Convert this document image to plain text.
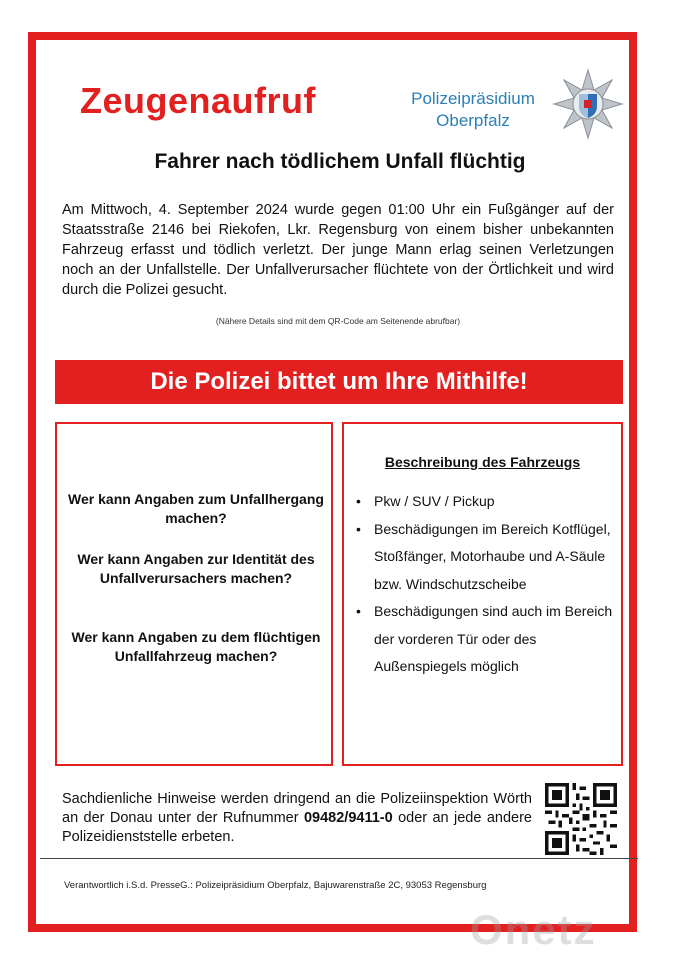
Zeugenaufruf	Polizeipräsidium
Oberpfalz
Fahrer nach tödlichem Unfall flüchtig
Am Mittwoch, 4. September 2024 wurde gegen 01:00 Uhr ein Fußgänger auf der Staatsstraße 2146 bei Riekofen, Lkr. Regensburg von einem bisher unbekannten Fahrzeug erfasst und tödlich verletzt. Der junge Mann erlag seinen Verletzungen noch an der Unfallstelle. Der Unfallverursacher flüchtete von der Örtlichkeit und wird durch die Polizei gesucht.
(Nähere Details sind mit dem QR-Code am Seitenende abrufbar)
Die Polizei bittet um Ihre Mithilfe!
Wer kann Angaben zum Unfallhergang machen?
Wer kann Angaben zur Identität des Unfallverursachers machen?
Wer kann Angaben zu dem flüchtigen Unfallfahrzeug machen?
Beschreibung des Fahrzeugs
• Pkw / SUV / Pickup
• Beschädigungen im Bereich Kotflügel, Stoßfänger, Motorhaube und A-Säule bzw. Windschutzscheibe
• Beschädigungen sind auch im Bereich der vorderen Tür oder des Außenspiegels möglich
Sachdienliche Hinweise werden dringend an die Polizeiinspektion Wörth an der Donau unter der Rufnummer 09482/9411-0 oder an jede andere Polizeidienststelle erbeten.
Verantwortlich i.S.d. PresseG.: Polizeipräsidium Oberpfalz, Bajuwarenstraße 2C, 93053 Regensburg
Onetz
